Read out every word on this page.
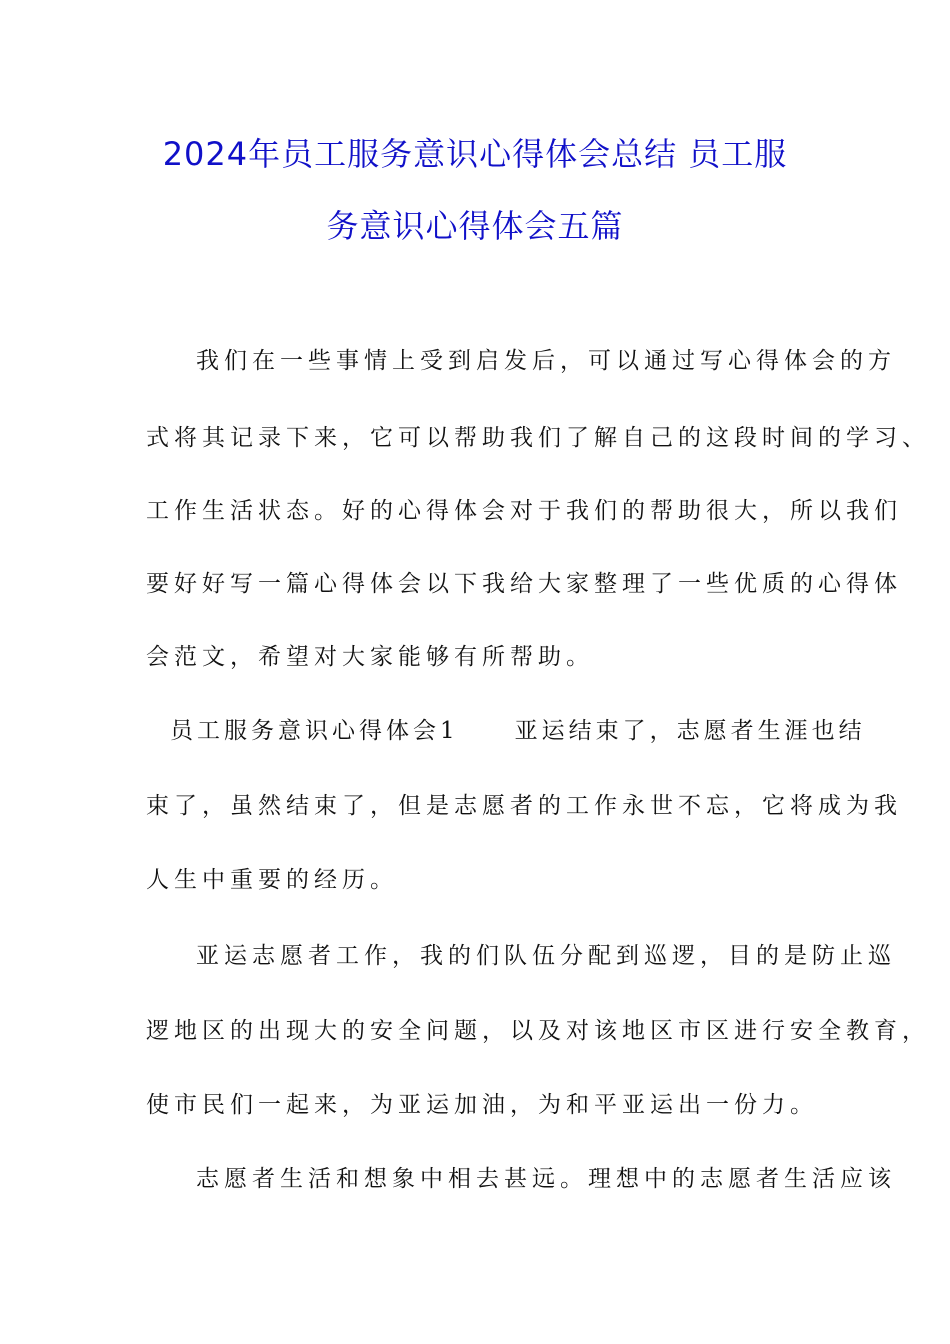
2024年员工服务意识心得体会总结 员工服
务意识心得体会五篇
我们在一些事情上受到启发后，可以通过写心得体会的方
式将其记录下来，它可以帮助我们了解自己的这段时间的学习、
工作生活状态。好的心得体会对于我们的帮助很大，所以我们
要好好写一篇心得体会以下我给大家整理了一些优质的心得体
会范文，希望对大家能够有所帮助。
员工服务意识心得体会1 亚运结束了，志愿者生涯也结
束了，虽然结束了，但是志愿者的工作永世不忘，它将成为我
人生中重要的经历。
亚运志愿者工作，我的们队伍分配到巡逻，目的是防止巡
逻地区的出现大的安全问题，以及对该地区市区进行安全教育，
使市民们一起来，为亚运加油，为和平亚运出一份力。
志愿者生活和想象中相去甚远。理想中的志愿者生活应该
